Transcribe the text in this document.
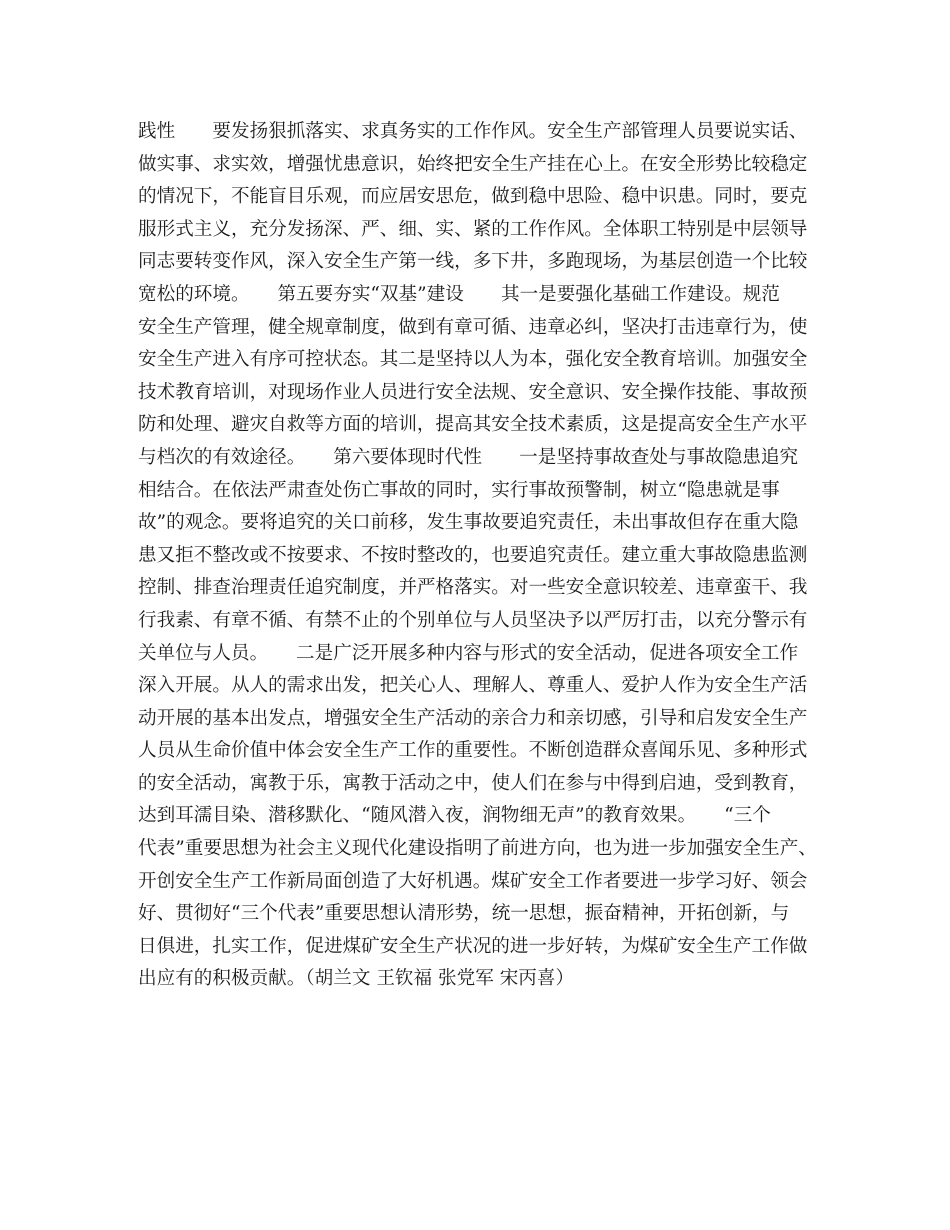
践性　　要发扬狠抓落实、求真务实的工作作风。安全生产部管理人员要说实话、
做实事、求实效，增强忧患意识，始终把安全生产挂在心上。在安全形势比较稳定
的情况下，不能盲目乐观，而应居安思危，做到稳中思险、稳中识患。同时，要克
服形式主义，充分发扬深、严、细、实、紧的工作作风。全体职工特别是中层领导
同志要转变作风，深入安全生产第一线，多下井，多跑现场，为基层创造一个比较
宽松的环境。　　第五要夯实“双基”建设　　其一是要强化基础工作建设。规范
安全生产管理，健全规章制度，做到有章可循、违章必纠，坚决打击违章行为，使
安全生产进入有序可控状态。其二是坚持以人为本，强化安全教育培训。加强安全
技术教育培训，对现场作业人员进行安全法规、安全意识、安全操作技能、事故预
防和处理、避灾自救等方面的培训，提高其安全技术素质，这是提高安全生产水平
与档次的有效途径。　　第六要体现时代性　　一是坚持事故查处与事故隐患追究
相结合。在依法严肃查处伤亡事故的同时，实行事故预警制，树立“隐患就是事
故”的观念。要将追究的关口前移，发生事故要追究责任，未出事故但存在重大隐
患又拒不整改或不按要求、不按时整改的，也要追究责任。建立重大事故隐患监测
控制、排查治理责任追究制度，并严格落实。对一些安全意识较差、违章蛮干、我
行我素、有章不循、有禁不止的个别单位与人员坚决予以严厉打击，以充分警示有
关单位与人员。　　二是广泛开展多种内容与形式的安全活动，促进各项安全工作
深入开展。从人的需求出发，把关心人、理解人、尊重人、爱护人作为安全生产活
动开展的基本出发点，增强安全生产活动的亲合力和亲切感，引导和启发安全生产
人员从生命价值中体会安全生产工作的重要性。不断创造群众喜闻乐见、多种形式
的安全活动，寓教于乐，寓教于活动之中，使人们在参与中得到启迪，受到教育，
达到耳濡目染、潜移默化、“随风潜入夜，润物细无声”的教育效果。　　“三个
代表”重要思想为社会主义现代化建设指明了前进方向，也为进一步加强安全生产、
开创安全生产工作新局面创造了大好机遇。煤矿安全工作者要进一步学习好、领会
好、贯彻好“三个代表”重要思想认清形势，统一思想，振奋精神，开拓创新，与
日俱进，扎实工作，促进煤矿安全生产状况的进一步好转，为煤矿安全生产工作做
出应有的积极贡献。（胡兰文 王钦福 张党军 宋丙喜）
